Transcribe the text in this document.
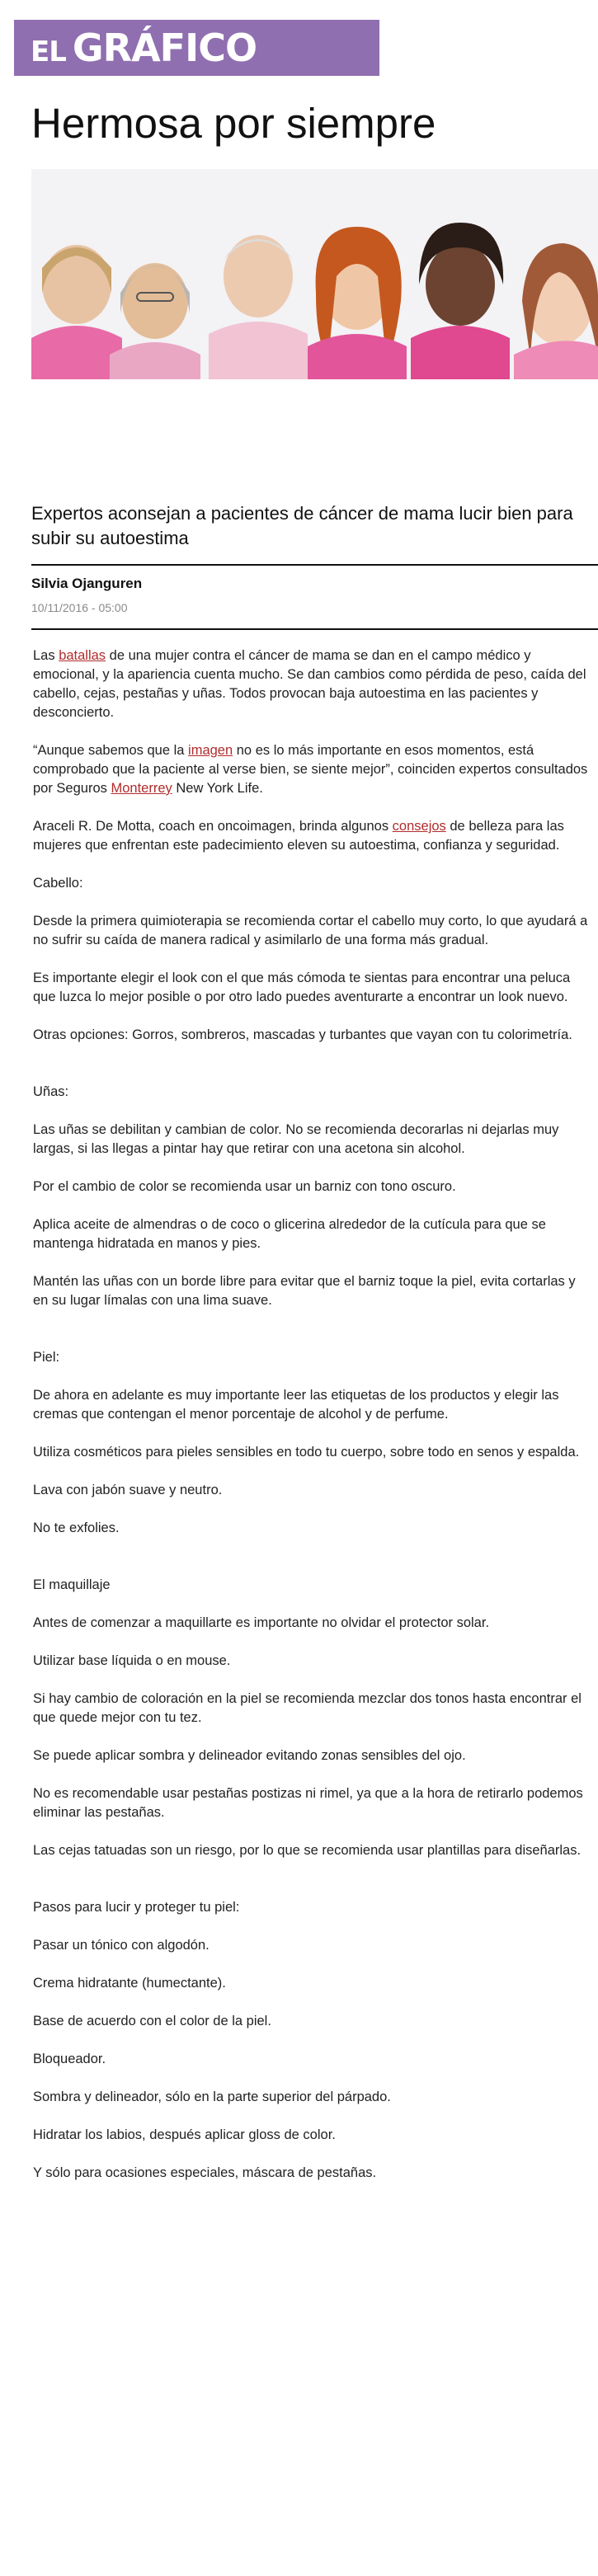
EL GRÁFICO
Hermosa por siempre
Expertos aconsejan a pacientes de cáncer de mama lucir bien para subir su autoestima
Silvia Ojanguren
10/11/2016 - 05:00

Las batallas de una mujer contra el cáncer de mama se dan en el campo médico y emocional, y la apariencia cuenta mucho. Se dan cambios como pérdida de peso, caída del cabello, cejas, pestañas y uñas. Todos provocan baja autoestima en las pacientes y desconcierto.

“Aunque sabemos que la imagen no es lo más importante en esos momentos, está comprobado que la paciente al verse bien, se siente mejor”, coinciden expertos consultados por Seguros Monterrey New York Life.

Araceli R. De Motta, coach en oncoimagen, brinda algunos consejos de belleza para las mujeres que enfrentan este padecimiento eleven su autoestima, confianza y seguridad.

Cabello:

Desde la primera quimioterapia se recomienda cortar el cabello muy corto, lo que ayudará a no sufrir su caída de manera radical y asimilarlo de una forma más gradual.

Es importante elegir el look con el que más cómoda te sientas para encontrar una peluca que luzca lo mejor posible o por otro lado puedes aventurarte a encontrar un look nuevo.

Otras opciones: Gorros, sombreros, mascadas y turbantes que vayan con tu colorimetría.

Uñas:

Las uñas se debilitan y cambian de color. No se recomienda decorarlas ni dejarlas muy largas, si las llegas a pintar hay que retirar con una acetona sin alcohol.

Por el cambio de color se recomienda usar un barniz con tono oscuro.

Aplica aceite de almendras o de coco o glicerina alrededor de la cutícula para que se mantenga hidratada en manos y pies.

Mantén las uñas con un borde libre para evitar que el barniz toque la piel, evita cortarlas y en su lugar límalas con una lima suave.

Piel:

De ahora en adelante es muy importante leer las etiquetas de los productos y elegir las cremas que contengan el menor porcentaje de alcohol y de perfume.

Utiliza cosméticos para pieles sensibles en todo tu cuerpo, sobre todo en senos y espalda.

Lava con jabón suave y neutro.

No te exfolies.

El maquillaje

Antes de comenzar a maquillarte es importante no olvidar el protector solar.

Utilizar base líquida o en mouse.

Si hay cambio de coloración en la piel se recomienda mezclar dos tonos hasta encontrar el que quede mejor con tu tez.

Se puede aplicar sombra y delineador evitando zonas sensibles del ojo.

No es recomendable usar pestañas postizas ni rimel, ya que a la hora de retirarlo podemos eliminar las pestañas.

Las cejas tatuadas son un riesgo, por lo que se recomienda usar plantillas para diseñarlas.

Pasos para lucir y proteger tu piel:

Pasar un tónico con algodón.

Crema hidratante (humectante).

Base de acuerdo con el color de la piel.

Bloqueador.

Sombra y delineador, sólo en la parte superior del párpado.

Hidratar los labios, después aplicar gloss de color.

Y sólo para ocasiones especiales, máscara de pestañas.
